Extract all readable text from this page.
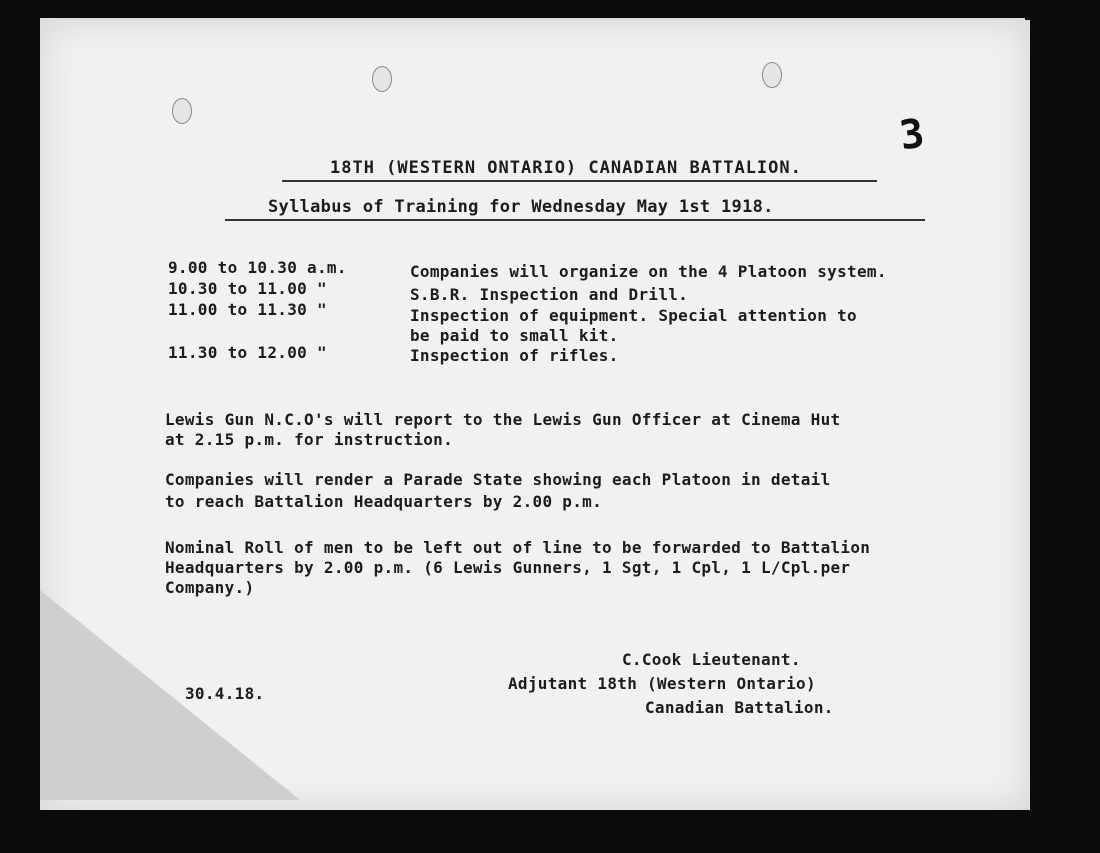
3
18TH (WESTERN ONTARIO) CANADIAN BATTALION.
Syllabus of Training for Wednesday May 1st 1918.
9.00 to 10.30 a.m.	Companies will organize on the 4 Platoon system.
10.30 to 11.00 "	S.B.R. Inspection and Drill.
11.00 to 11.30 "	Inspection of equipment. Special attention to
be paid to small kit.
11.30 to 12.00 "	Inspection of rifles.
Lewis Gun N.C.O's will report to the Lewis Gun Officer at Cinema Hut
at 2.15 p.m. for instruction.
Companies will render a Parade State showing each Platoon in detail
to reach Battalion Headquarters by 2.00 p.m.
Nominal Roll of men to be left out of line to be forwarded to Battalion
Headquarters by 2.00 p.m. (6 Lewis Gunners, 1 Sgt, 1 Cpl, 1 L/Cpl.per
Company.)
30.4.18.
C.Cook Lieutenant.
Adjutant 18th (Western Ontario)
Canadian Battalion.
